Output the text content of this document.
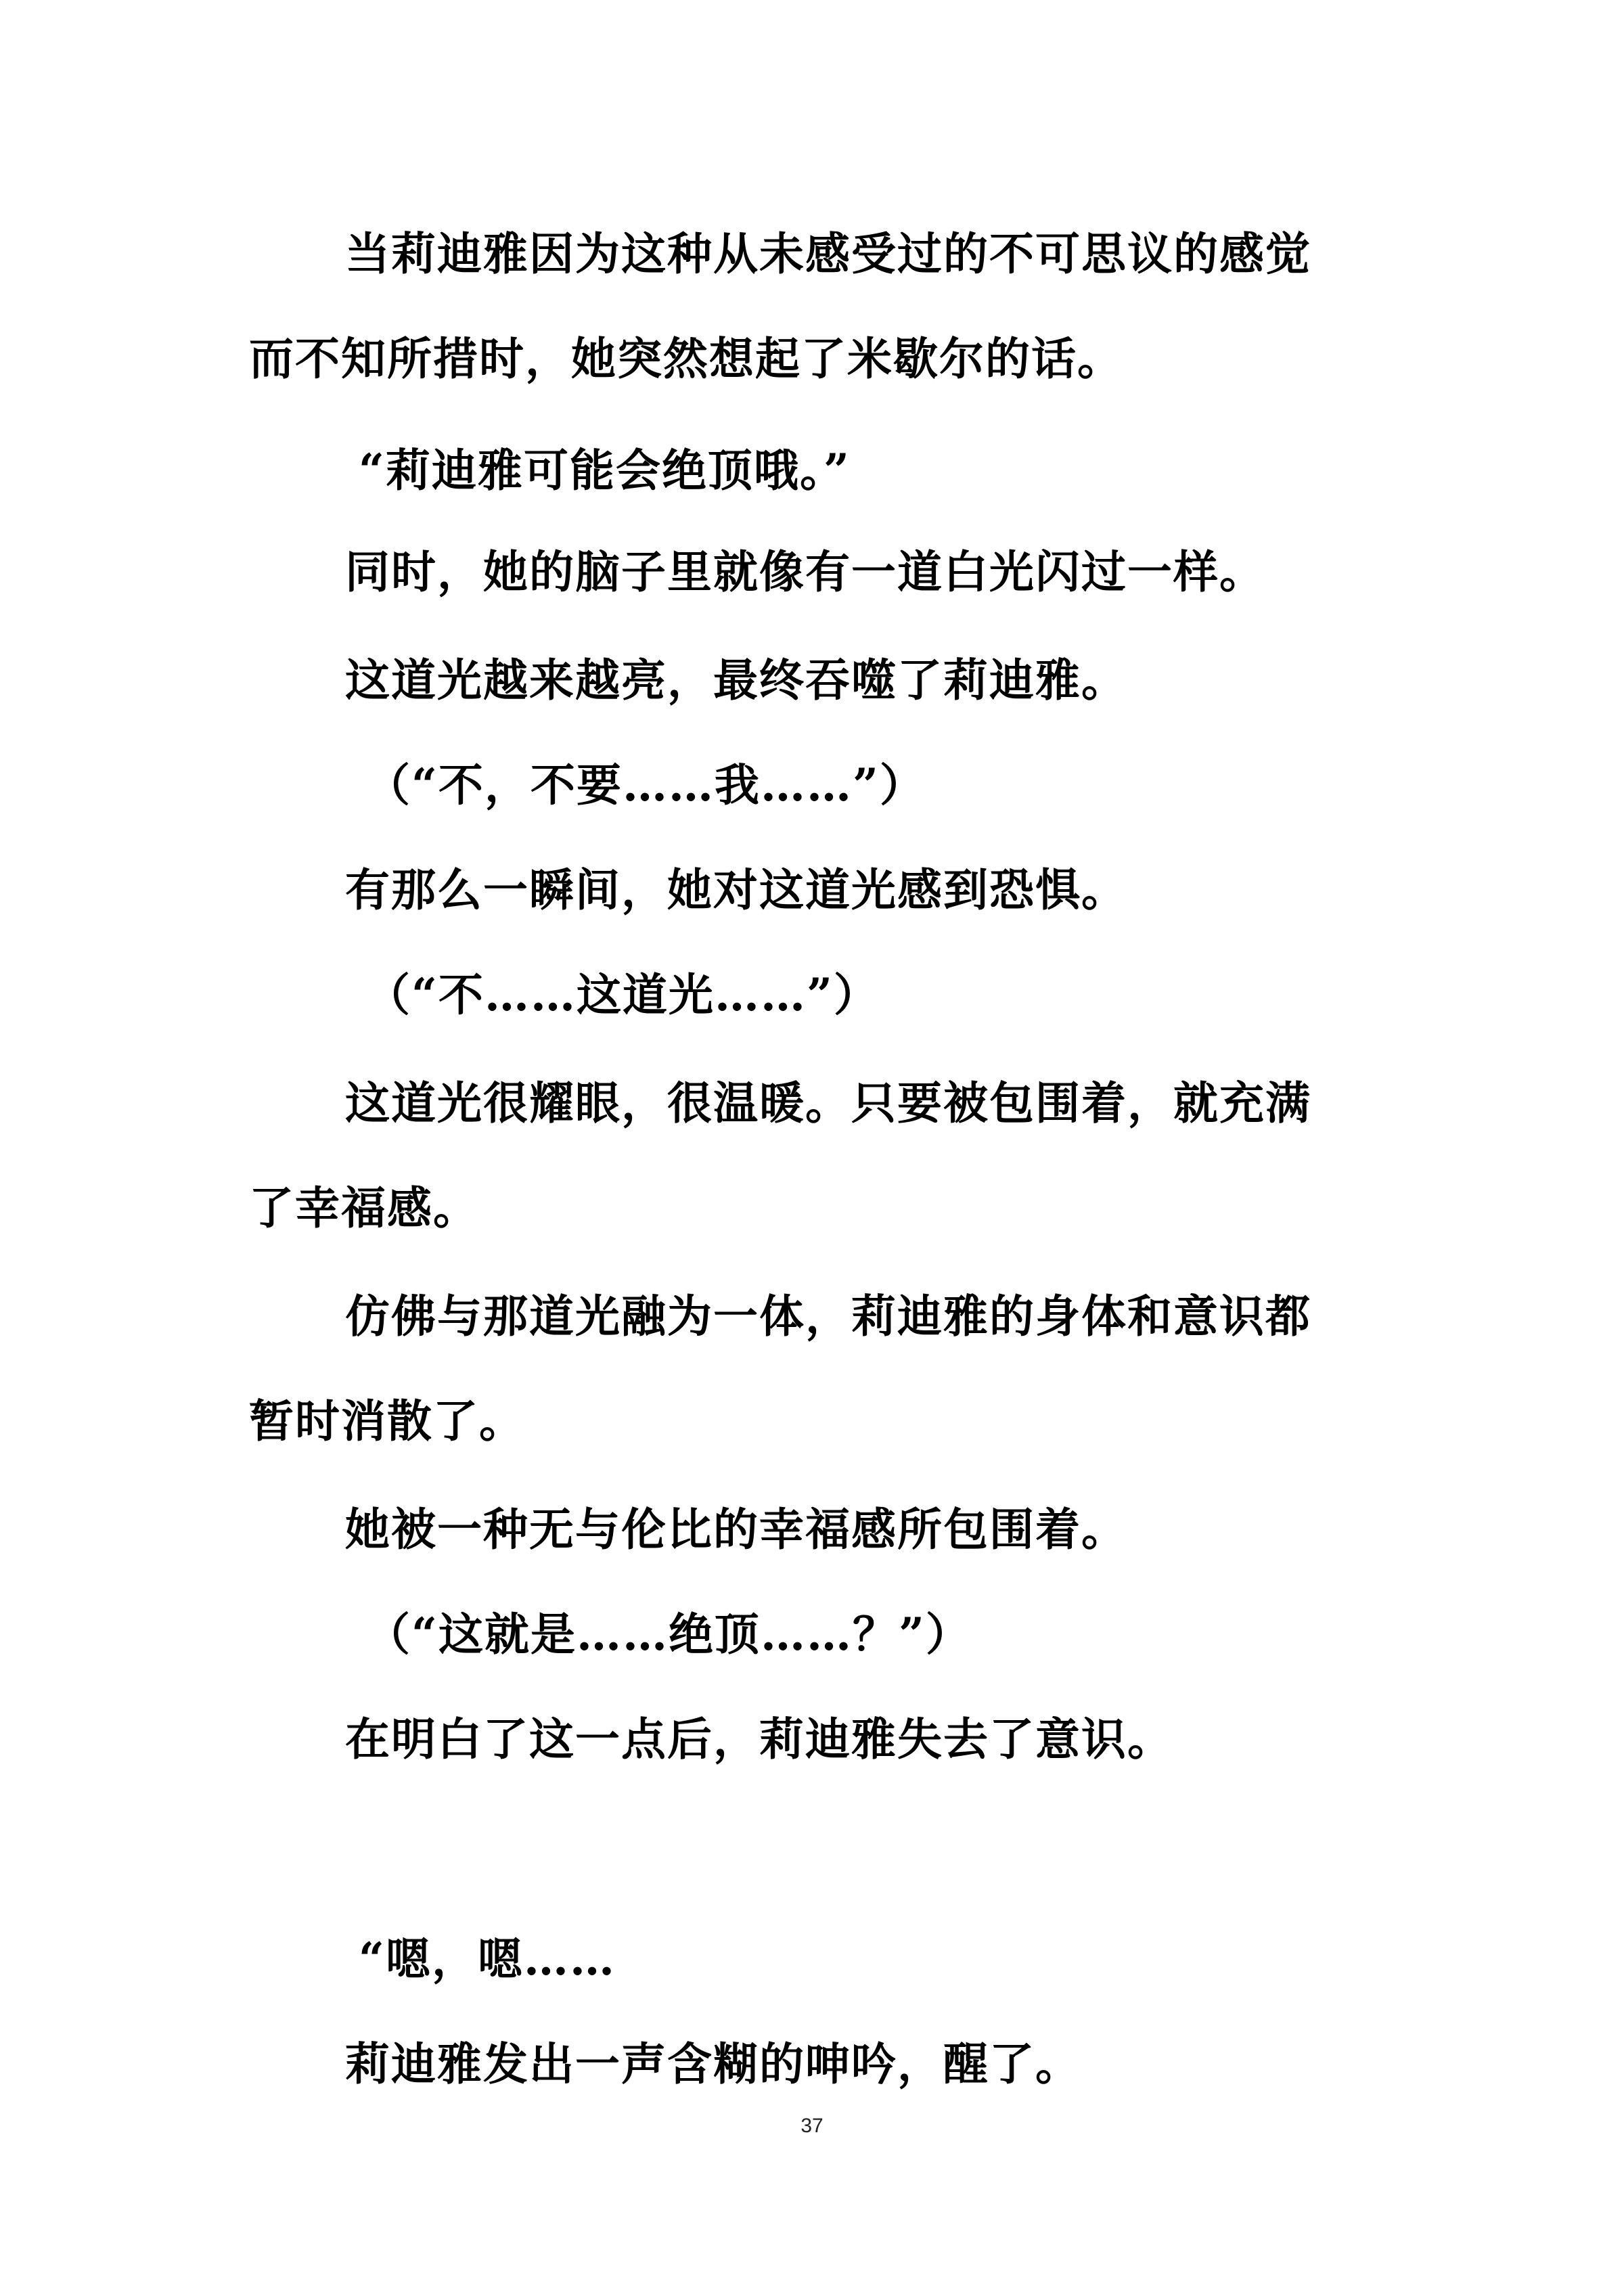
当莉迪雅因为这种从未感受过的不可思议的感觉
而不知所措时，她突然想起了米歇尔的话。
“莉迪雅可能会绝顶哦。”
同时，她的脑子里就像有一道白光闪过一样。
这道光越来越亮，最终吞噬了莉迪雅。
（“不，不要……我……”）
有那么一瞬间，她对这道光感到恐惧。
（“不……这道光……”）
这道光很耀眼，很温暖。只要被包围着，就充满
了幸福感。
仿佛与那道光融为一体，莉迪雅的身体和意识都
暂时消散了。
她被一种无与伦比的幸福感所包围着。
（“这就是……绝顶……？”）
在明白了这一点后，莉迪雅失去了意识。
“嗯，嗯……
莉迪雅发出一声含糊的呻吟，醒了。
37
